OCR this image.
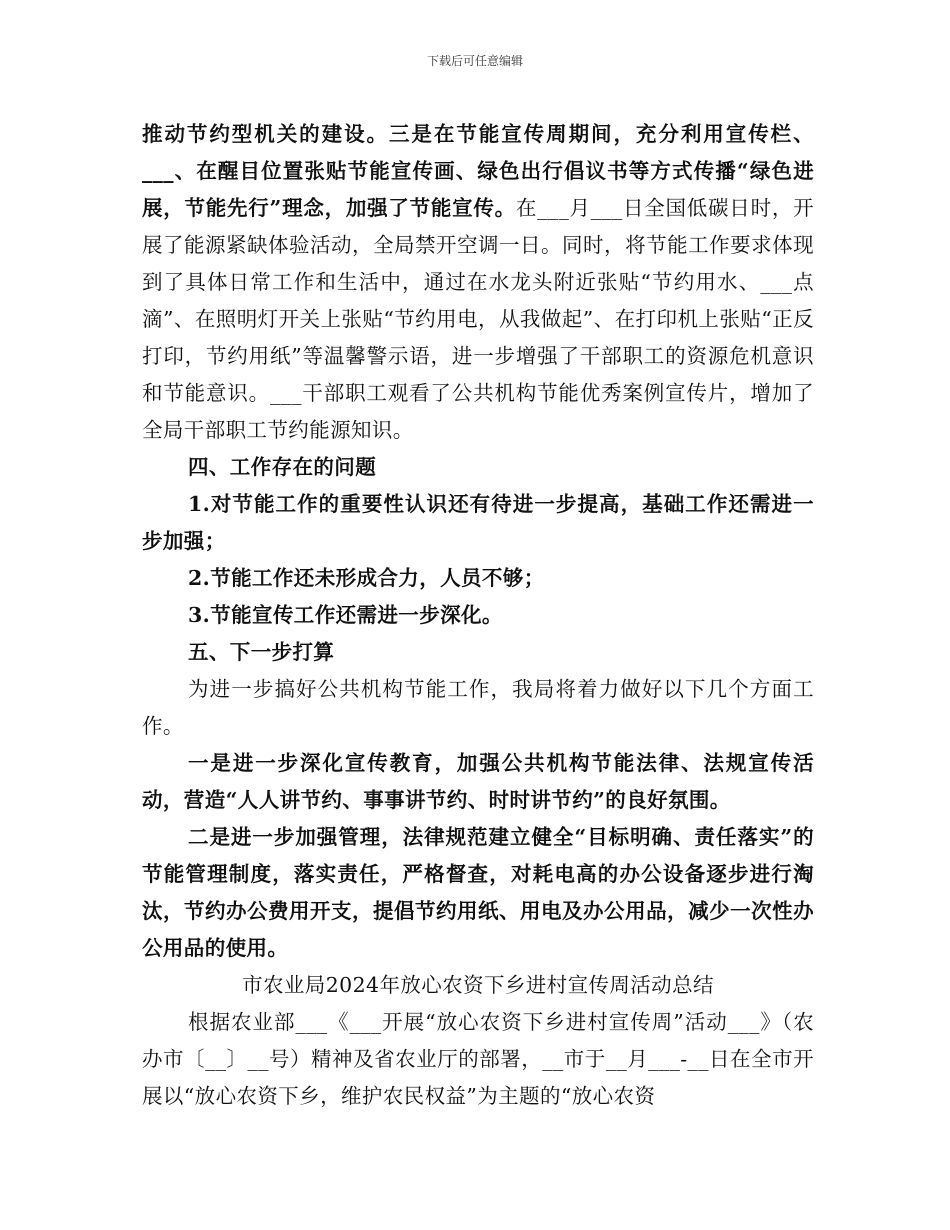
下载后可任意编辑

推动节约型机关的建设。三是在节能宣传周期间，充分利用宣传栏、___、在醒目位置张贴节能宣传画、绿色出行倡议书等方式传播“绿色进展，节能先行”理念，加强了节能宣传。在___月___日全国低碳日时，开展了能源紧缺体验活动，全局禁开空调一日。同时，将节能工作要求体现到了具体日常工作和生活中，通过在水龙头附近张贴“节约用水、___点滴”、在照明灯开关上张贴“节约用电，从我做起”、在打印机上张贴“正反打印，节约用纸”等温馨警示语，进一步增强了干部职工的资源危机意识和节能意识。___干部职工观看了公共机构节能优秀案例宣传片，增加了全局干部职工节约能源知识。

四、工作存在的问题

1.对节能工作的重要性认识还有待进一步提高，基础工作还需进一步加强；

2.节能工作还未形成合力，人员不够；

3.节能宣传工作还需进一步深化。

五、下一步打算

为进一步搞好公共机构节能工作，我局将着力做好以下几个方面工作。

一是进一步深化宣传教育，加强公共机构节能法律、法规宣传活动，营造“人人讲节约、事事讲节约、时时讲节约”的良好氛围。

二是进一步加强管理，法律规范建立健全“目标明确、责任落实”的节能管理制度，落实责任，严格督查，对耗电高的办公设备逐步进行淘汰，节约办公费用开支，提倡节约用纸、用电及办公用品，减少一次性办公用品的使用。

市农业局2024年放心农资下乡进村宣传周活动总结

根据农业部___《___开展“放心农资下乡进村宣传周”活动___》（农办市〔__〕__号）精神及省农业厅的部署，__市于__月___-__日在全市开展以“放心农资下乡，维护农民权益”为主题的“放心农资
